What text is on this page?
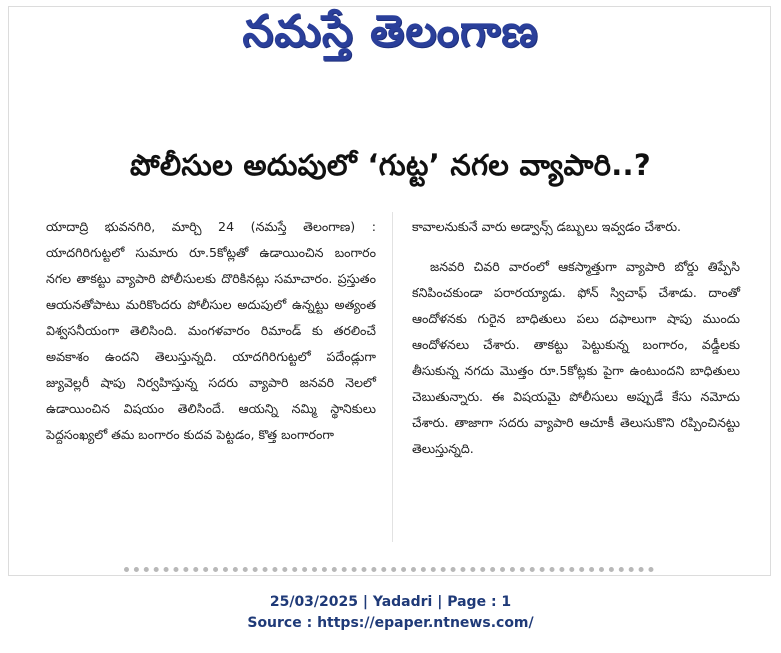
నమస్తే తెలంగాణ
పోలీసుల అదుపులో ‘గుట్ట’ నగల వ్యాపారి..?

యాదాద్రి భువనగిరి, మార్చి 24 (నమస్తే తెలంగాణ) : యాదగిరిగుట్టలో సుమారు రూ.5కోట్లతో ఉడాయించిన బంగారం నగల తాకట్టు వ్యాపారి పోలీసులకు దొరికినట్లు సమాచారం. ప్రస్తుతం ఆయనతోపాటు మరికొందరు పోలీసుల అదుపులో ఉన్నట్టు అత్యంత విశ్వసనీయంగా తెలిసింది. మంగళవారం రిమాండ్ కు తరలించే అవకాశం ఉందని తెలుస్తున్నది. యాదగిరిగుట్టలో పదేండ్లుగా జ్యువెల్లరీ షాపు నిర్వహిస్తున్న సదరు వ్యాపారి జనవరి నెలలో ఉడాయించిన విషయం తెలిసిందే. ఆయన్ని నమ్మి స్థానికులు పెద్దసంఖ్యలో తమ బంగారం కుదవ పెట్టడం, కొత్త బంగారంగా

కావాలనుకునే వారు అడ్వాన్స్ డబ్బులు ఇవ్వడం చేశారు.

జనవరి చివరి వారంలో ఆకస్మాత్తుగా వ్యాపారి బోర్డు తిప్పేసి కనిపించకుండా పరారయ్యాడు. ఫోన్ స్విచాఫ్ చేశాడు. దాంతో ఆందోళనకు గురైన బాధితులు పలు దఫాలుగా షాపు ముందు ఆందోళనలు చేశారు. తాకట్టు పెట్టుకున్న బంగారం, వడ్డీలకు తీసుకున్న నగదు మొత్తం రూ.5కోట్లకు పైగా ఉంటుందని బాధితులు చెబుతున్నారు. ఈ విషయమై పోలీసులు అప్పుడే కేసు నమోదు చేశారు. తాజాగా సదరు వ్యాపారి ఆచూకీ తెలుసుకొని రప్పించినట్టు తెలుస్తున్నది.

25/03/2025 | Yadadri | Page : 1
Source : https://epaper.ntnews.com/
